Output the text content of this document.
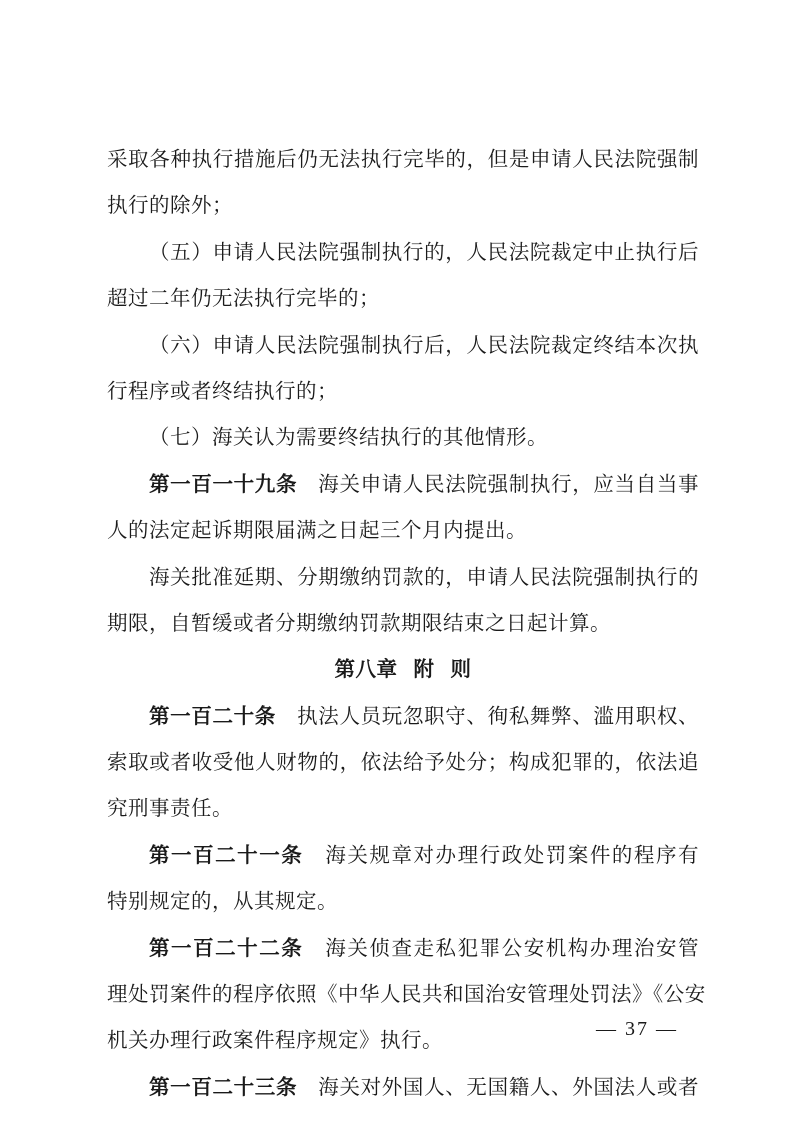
采取各种执行措施后仍无法执行完毕的，但是申请人民法院强制
执行的除外；
（五）申请人民法院强制执行的，人民法院裁定中止执行后
超过二年仍无法执行完毕的；
（六）申请人民法院强制执行后，人民法院裁定终结本次执
行程序或者终结执行的；
（七）海关认为需要终结执行的其他情形。
第一百一十九条　 海关申请人民法院强制执行，应当自当事
人的法定起诉期限届满之日起三个月内提出。
海关批准延期、分期缴纳罚款的，申请人民法院强制执行的
期限，自暂缓或者分期缴纳罚款期限结束之日起计算。
第八章 附 则
第一百二十条　 执法人员玩忽职守、徇私舞弊、滥用职权、
索取或者收受他人财物的，依法给予处分；构成犯罪的，依法追
究刑事责任。
第一百二十一条　 海关规章对办理行政处罚案件的程序有
特别规定的，从其规定。
第一百二十二条　 海关侦查走私犯罪公安机构办理治安管
理处罚案件的程序依照《中华人民共和国治安管理处罚法》《公安
机关办理行政案件程序规定》执行。
第一百二十三条　 海关对外国人、无国籍人、外国法人或者
— 37 —
